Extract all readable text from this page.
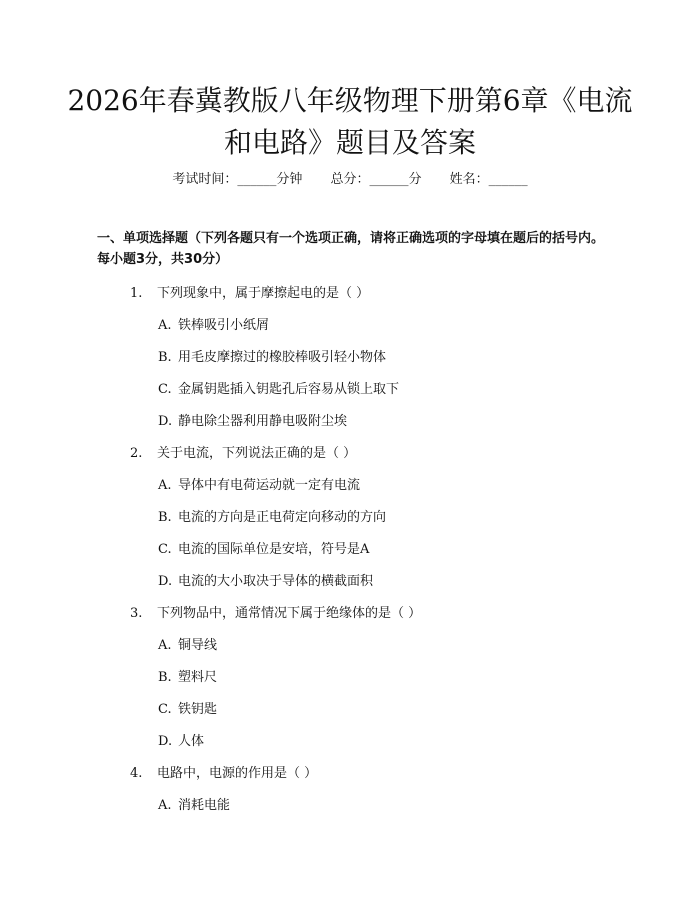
2026年春冀教版八年级物理下册第6章《电流和电路》题目及答案
考试时间：______分钟 总分：______分 姓名：______
一、单项选择题（下列各题只有一个选项正确，请将正确选项的字母填在题后的括号内。每小题3分，共30分）
1. 下列现象中，属于摩擦起电的是（ ）
A. 铁棒吸引小纸屑
B. 用毛皮摩擦过的橡胶棒吸引轻小物体
C. 金属钥匙插入钥匙孔后容易从锁上取下
D. 静电除尘器利用静电吸附尘埃
2. 关于电流，下列说法正确的是（ ）
A. 导体中有电荷运动就一定有电流
B. 电流的方向是正电荷定向移动的方向
C. 电流的国际单位是安培，符号是A
D. 电流的大小取决于导体的横截面积
3. 下列物品中，通常情况下属于绝缘体的是（ ）
A. 铜导线
B. 塑料尺
C. 铁钥匙
D. 人体
4. 电路中，电源的作用是（ ）
A. 消耗电能
